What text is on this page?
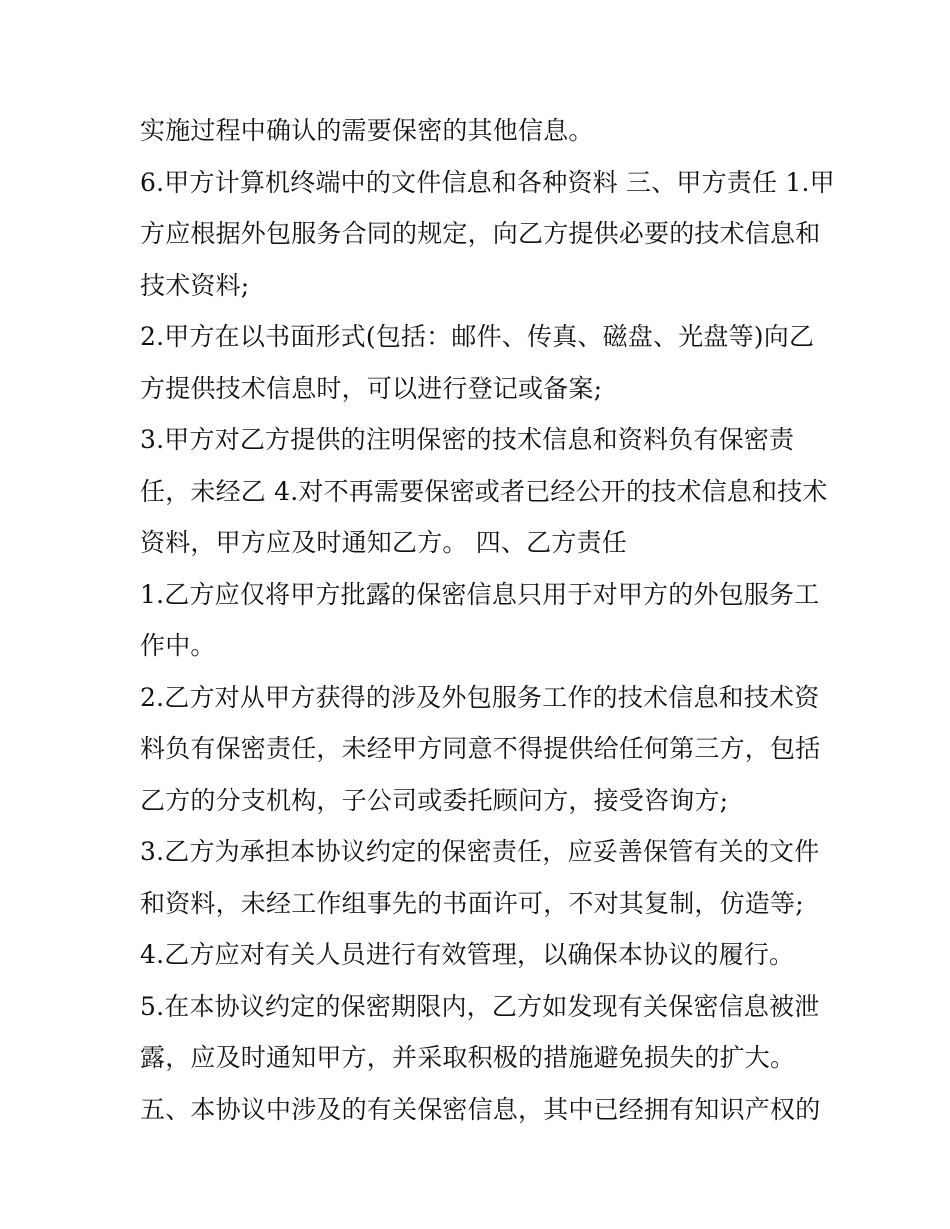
实施过程中确认的需要保密的其他信息。
6.甲方计算机终端中的文件信息和各种资料 三、甲方责任 1.甲
方应根据外包服务合同的规定，向乙方提供必要的技术信息和
技术资料;
2.甲方在以书面形式(包括：邮件、传真、磁盘、光盘等)向乙
方提供技术信息时，可以进行登记或备案;
3.甲方对乙方提供的注明保密的技术信息和资料负有保密责
任，未经乙 4.对不再需要保密或者已经公开的技术信息和技术
资料，甲方应及时通知乙方。 四、乙方责任
1.乙方应仅将甲方批露的保密信息只用于对甲方的外包服务工
作中。
2.乙方对从甲方获得的涉及外包服务工作的技术信息和技术资
料负有保密责任，未经甲方同意不得提供给任何第三方，包括
乙方的分支机构，子公司或委托顾问方，接受咨询方;
3.乙方为承担本协议约定的保密责任，应妥善保管有关的文件
和资料，未经工作组事先的书面许可，不对其复制，仿造等;
4.乙方应对有关人员进行有效管理，以确保本协议的履行。
5.在本协议约定的保密期限内，乙方如发现有关保密信息被泄
露，应及时通知甲方，并采取积极的措施避免损失的扩大。
五、本协议中涉及的有关保密信息，其中已经拥有知识产权的
